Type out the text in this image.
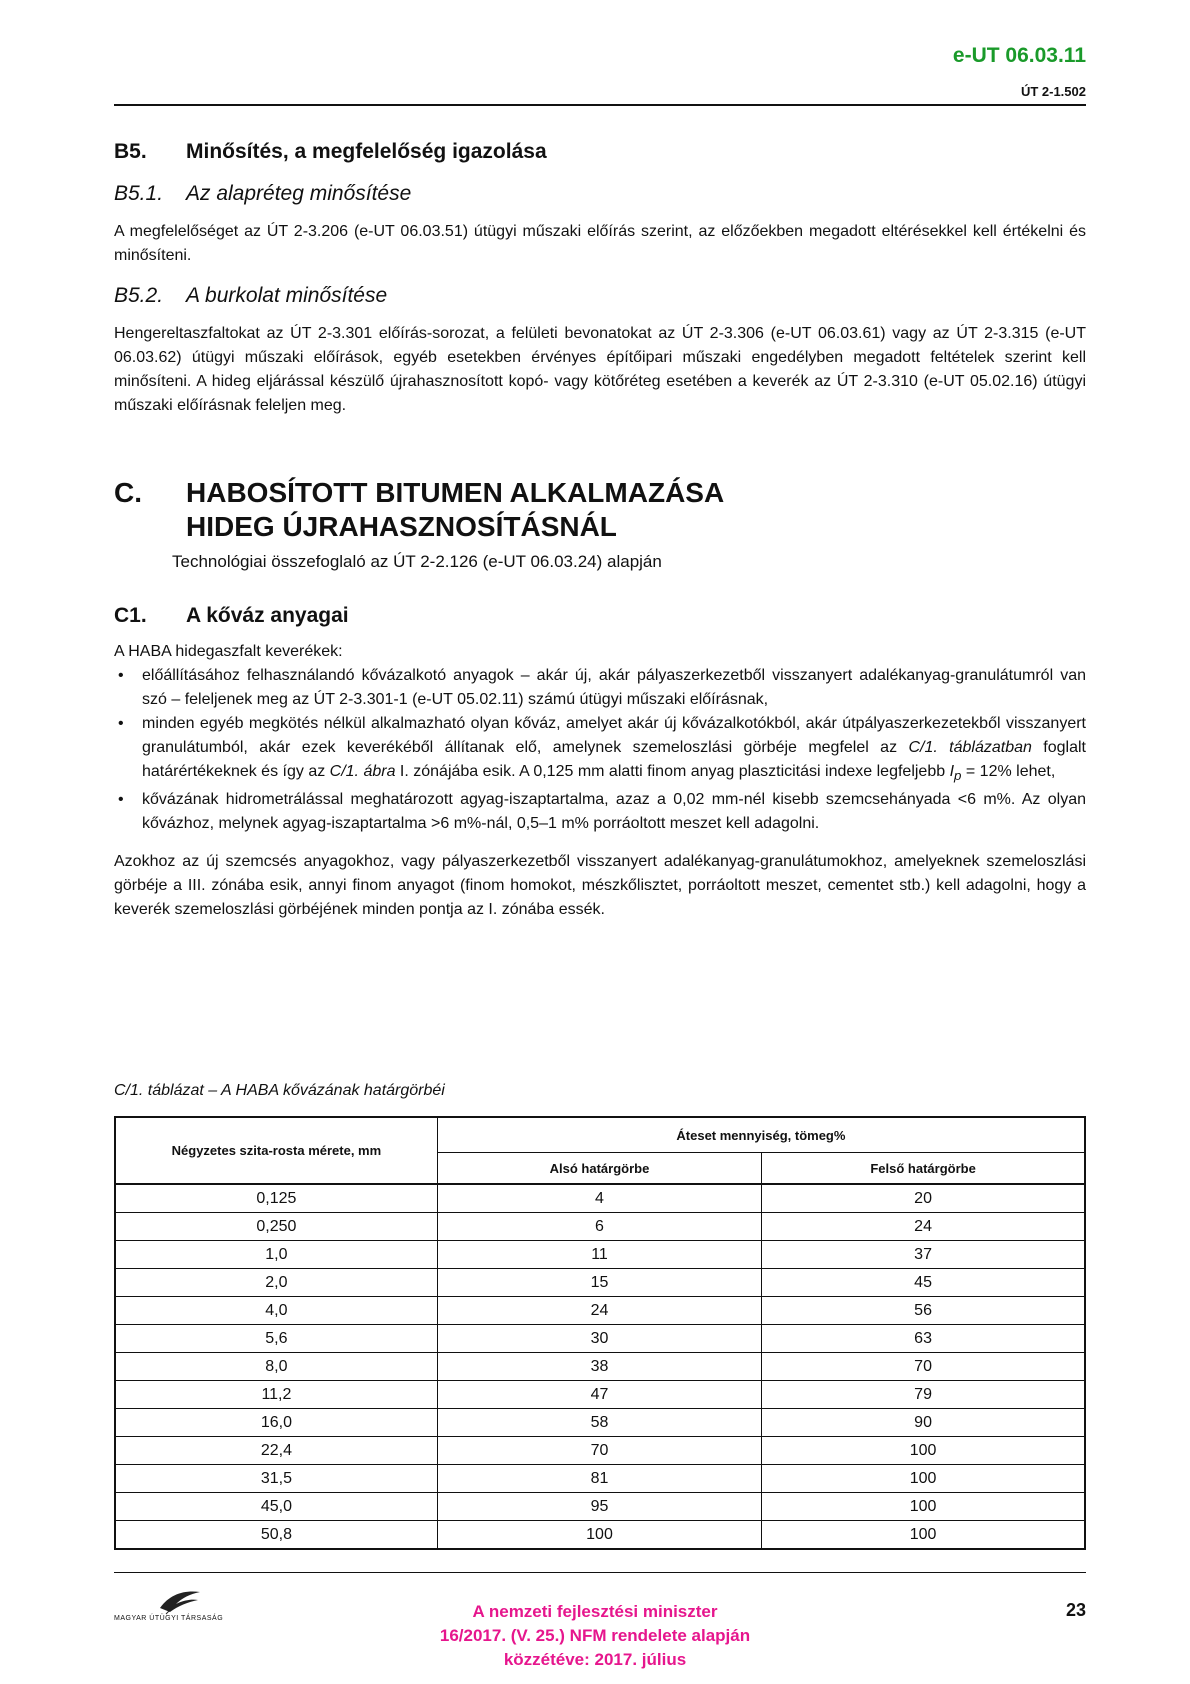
e-UT 06.03.11
ÚT 2-1.502
B5. Minősítés, a megfelelőség igazolása
B5.1. Az alapréteg minősítése

A megfelelőséget az ÚT 2-3.206 (e-UT 06.03.51) útügyi műszaki előírás szerint, az előzőekben megadott eltérésekkel kell értékelni és minősíteni.

B5.2. A burkolat minősítése

Hengereltaszfaltokat az ÚT 2-3.301 előírás-sorozat, a felületi bevonatokat az ÚT 2-3.306 (e-UT 06.03.61) vagy az ÚT 2-3.315 (e-UT 06.03.62) útügyi műszaki előírások, egyéb esetekben érvényes építőipari műszaki engedélyben megadott feltételek szerint kell minősíteni. A hideg eljárással készülő újrahasznosított kopó- vagy kötőréteg esetében a keverék az ÚT 2-3.310 (e-UT 05.02.16) útügyi műszaki előírásnak feleljen meg.

C. HABOSÍTOTT BITUMEN ALKALMAZÁSA
HIDEG ÚJRAHASZNOSÍTÁSNÁL
Technológiai összefoglaló az ÚT 2-2.126 (e-UT 06.03.24) alapján
C1. A kőváz anyagai

A HABA hidegaszfalt keverékek:

• előállításához felhasználandó kővázalkotó anyagok – akár új, akár pályaszerkezetből visszanyert adalékanyag-granulátumról van szó – feleljenek meg az ÚT 2-3.301-1 (e-UT 05.02.11) számú útügyi műszaki előírásnak,
• minden egyéb megkötés nélkül alkalmazható olyan kőváz, amelyet akár új kővázalkotókból, akár útpályaszerkezetekből visszanyert granulátumból, akár ezek keverékéből állítanak elő, amelynek szemeloszlási görbéje megfelel az C/1. táblázatban foglalt határértékeknek és így az C/1. ábra I. zónájába esik. A 0,125 mm alatti finom anyag plaszticitási indexe legfeljebb $I_p = 12\%$ lehet,
• kővázának hidrometrálással meghatározott agyag-iszaptartalma, azaz a 0,02 mm-nél kisebb szemcsehányada <6 m%. Az olyan kővázhoz, melynek agyag-iszaptartalma >6 m%-nál, 0,5–1 m% porráoltott meszet kell adagolni.

Azokhoz az új szemcsés anyagokhoz, vagy pályaszerkezetből visszanyert adalékanyag-granulátumokhoz, amelyeknek szemeloszlási görbéje a III. zónába esik, annyi finom anyagot (finom homokot, mészkőlisztet, porráoltott meszet, cementet stb.) kell adagolni, hogy a keverék szemeloszlási görbéjének minden pontja az I. zónába essék.

C/1. táblázat – A HABA kővázának határgörbéi
Négyzetes szita-rosta mérete, mm	Áteset mennyiség, tömeg%	
	Alsó határgörbe	Felső határgörbe
0,125	4	20
0,250	6	24
1,0	11	37
2,0	15	45
4,0	24	56
5,6	30	63
8,0	38	70
11,2	47	79
16,0	58	90
22,4	70	100
31,5	81	100
45,0	95	100
50,8	100	100
MAGYAR ÚTÜGYI TÁRSASÁG	A nemzeti fejlesztési miniszter
16/2017. (V. 25.) NFM rendelete alapján
közzétéve: 2017. július
23
